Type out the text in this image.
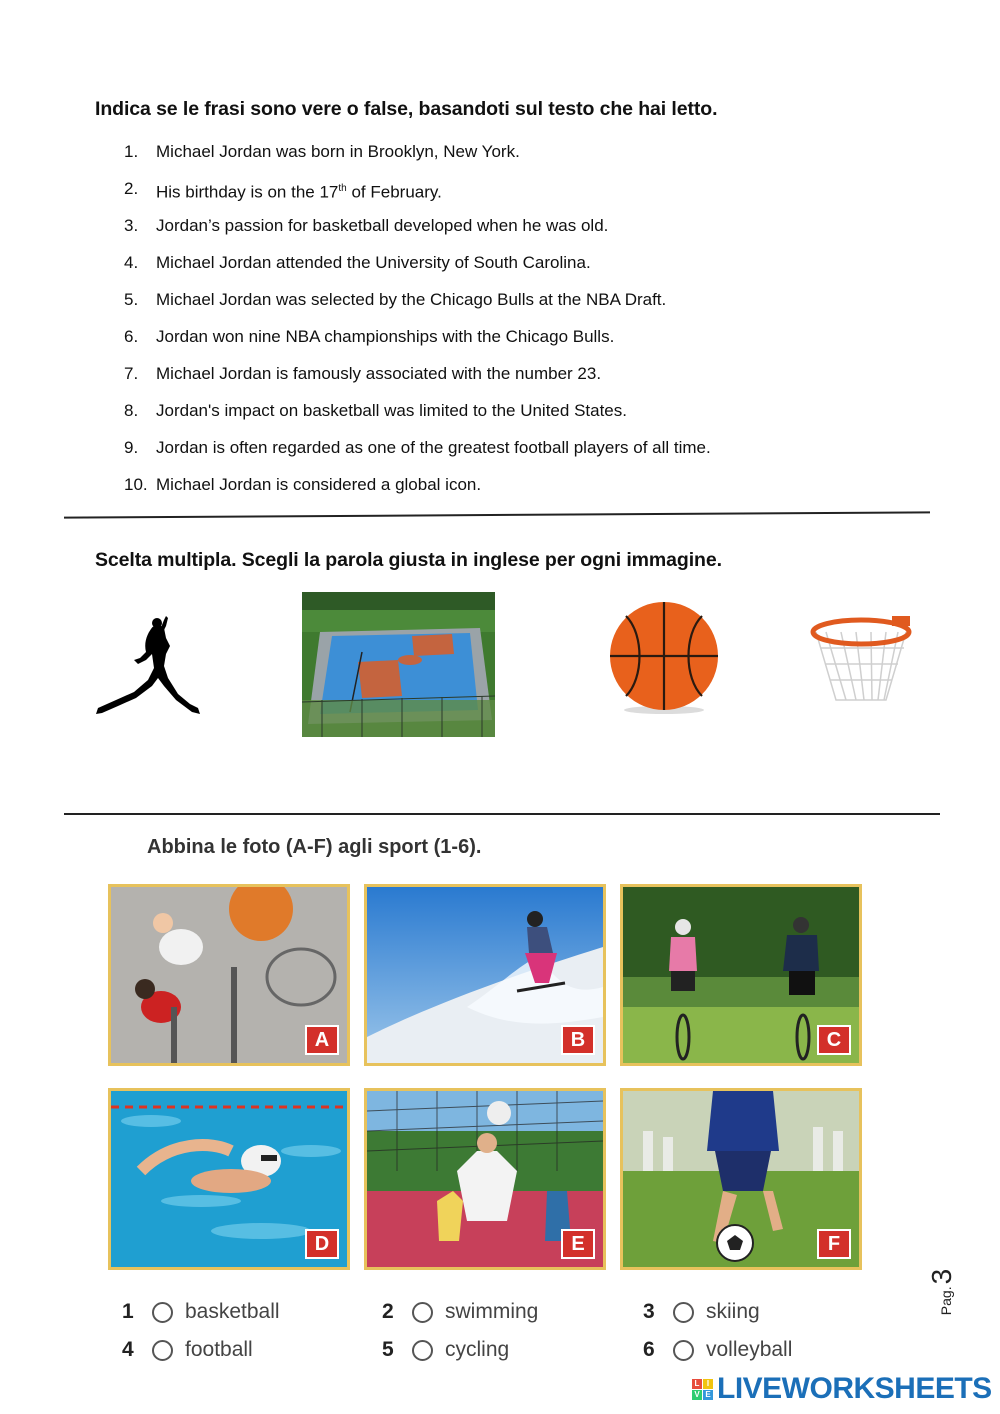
Indica se le frasi sono vere o false, basandoti sul testo che hai letto.
1.	Michael Jordan was born in Brooklyn, New York.
2.	His birthday is on the 17th of February.
3.	Jordan’s passion for basketball developed when he was old.
4.	Michael Jordan attended the University of South Carolina.
5.	Michael Jordan was selected by the Chicago Bulls at the NBA Draft.
6.	Jordan won nine NBA championships with the Chicago Bulls.
7.	Michael Jordan is famously associated with the number 23.
8.	Jordan's impact on basketball was limited to the United States.
9.	Jordan is often regarded as one of the greatest football players of all time.
10. Michael Jordan is considered a global icon.
Scelta multipla. Scegli la parola giusta in inglese per ogni immagine.
Abbina le foto (A-F) agli sport (1-6).
A	B	C
D	E	F
1	basketball	2	swimming	3	skiing
4	football	5	cycling	6	volleyball
Pag.
3
L I
V E LIVEWORKSHEETS
